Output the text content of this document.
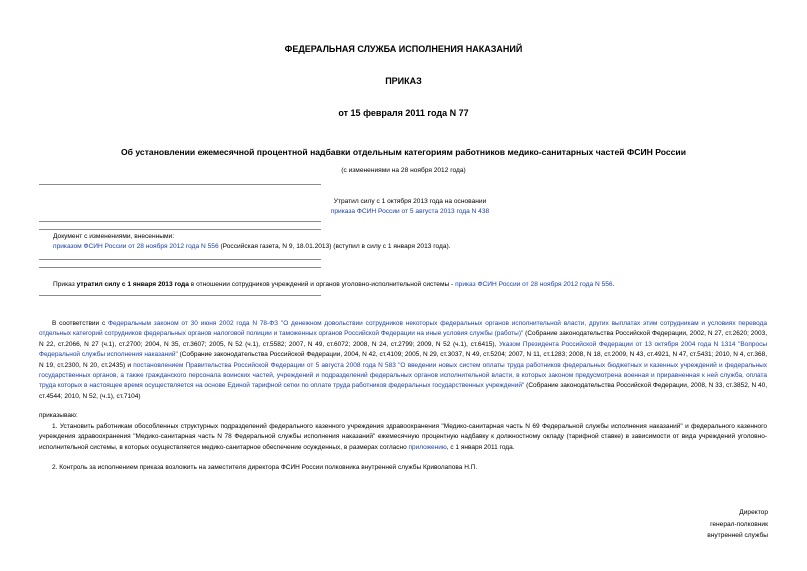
ФЕДЕРАЛЬНАЯ СЛУЖБА ИСПОЛНЕНИЯ НАКАЗАНИЙ
ПРИКАЗ
от 15 февраля 2011 года N 77
Об установлении ежемесячной процентной надбавки отдельным категориям работников медико-санитарных частей ФСИН России
(с изменениями на 28 ноября 2012 года)
Утратил силу с 1 октября 2013 года на основании
приказа ФСИН России от 5 августа 2013 года N 438
Документ с изменениями, внесенными:
приказом ФСИН России от 28 ноября 2012 года N 556 (Российская газета, N 9, 18.01.2013) (вступил в силу с 1 января 2013 года).
Приказ утратил силу с 1 января 2013 года в отношении сотрудников учреждений и органов уголовно-исполнительной системы - приказ ФСИН России от 28 ноября 2012 года N 556.
В соответствии с Федеральным законом от 30 июня 2002 года N 78-ФЗ "О денежном довольствии сотрудников некоторых федеральных органов исполнительной власти, других выплатах этим сотрудникам и условиях перевода отдельных категорий сотрудников федеральных органов налоговой полиции и таможенных органов Российской Федерации на иные условия службы (работы)" (Собрание законодательства Российской Федерации, 2002, N 27, ст.2620; 2003, N 22, ст.2066, N 27 (ч.1), ст.2700; 2004, N 35, ст.3607; 2005, N 52 (ч.1), ст.5582; 2007, N 49, ст.6072; 2008, N 24, ст.2799; 2009, N 52 (ч.1), ст.6415), Указом Президента Российской Федерации от 13 октября 2004 года N 1314 "Вопросы Федеральной службы исполнения наказаний" (Собрание законодательства Российской Федерации, 2004, N 42, ст.4109; 2005, N 29, ст.3037, N 49, ст.5204; 2007, N 11, ст.1283; 2008, N 18, ст.2009, N 43, ст.4921, N 47, ст.5431; 2010, N 4, ст.368, N 19, ст.2300, N 20, ст.2435) и постановлением Правительства Российской Федерации от 5 августа 2008 года N 583 "О введении новых систем оплаты труда работников федеральных бюджетных и казенных учреждений и федеральных государственных органов, а также гражданского персонала воинских частей, учреждений и подразделений федеральных органов исполнительной власти, в которых законом предусмотрена военная и приравненная к ней служба, оплата труда которых в настоящее время осуществляется на основе Единой тарифной сетки по оплате труда работников федеральных государственных учреждений" (Собрание законодательства Российской Федерации, 2008, N 33, ст.3852, N 40, ст.4544; 2010, N 52, (ч.1), ст.7104)
приказываю:
1. Установить работникам обособленных структурных подразделений федерального казенного учреждения здравоохранения "Медико-санитарная часть N 69 Федеральной службы исполнения наказаний" и федерального казенного учреждения здравоохранения "Медико-санитарная часть N 78 Федеральной службы исполнения наказаний" ежемесячную процентную надбавку к должностному окладу (тарифной ставке) в зависимости от вида учреждений уголовно-исполнительной системы, в которых осуществляется медико-санитарное обеспечение осужденных, в размерах согласно приложению, с 1 января 2011 года.
2. Контроль за исполнением приказа возложить на заместителя директора ФСИН России полковника внутренней службы Криволапова Н.П.
Директор
генерал-полковник
внутренней службы
